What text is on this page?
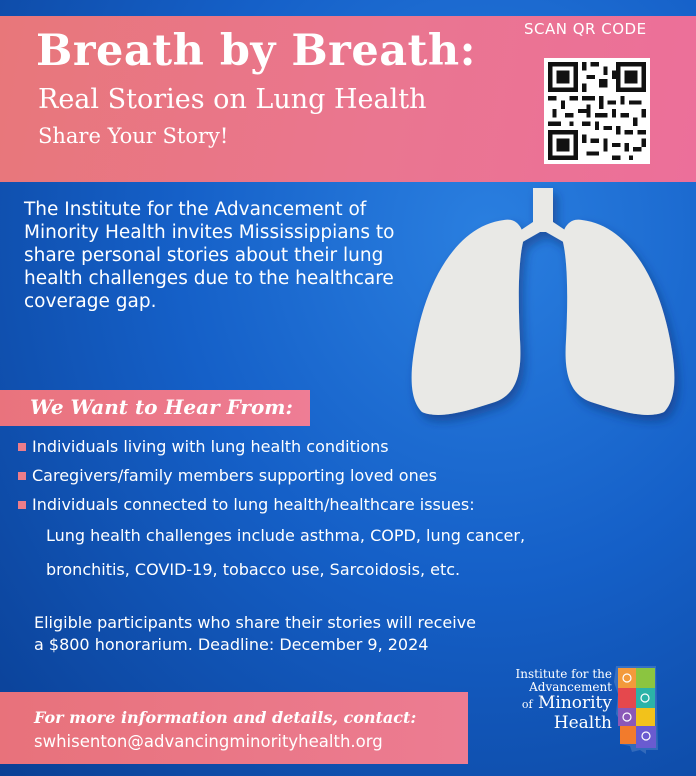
Breath by Breath:
Real Stories on Lung Health
Share Your Story!
SCAN QR CODE
The Institute for the Advancement of Minority Health invites Mississippians to share personal stories about their lung health challenges due to the healthcare coverage gap.
We Want to Hear From:
Individuals living with lung health conditions
Caregivers/family members supporting loved ones
Individuals connected to lung health/healthcare issues:
Lung health challenges include asthma, COPD, lung cancer, bronchitis, COVID-19, tobacco use, Sarcoidosis, etc.
Eligible participants who share their stories will receive
a $800 honorarium. Deadline: December 9, 2024
For more information and details, contact:
swhisenton@advancingminorityhealth.org
Institute for the
Advancement
of Minority
Health
